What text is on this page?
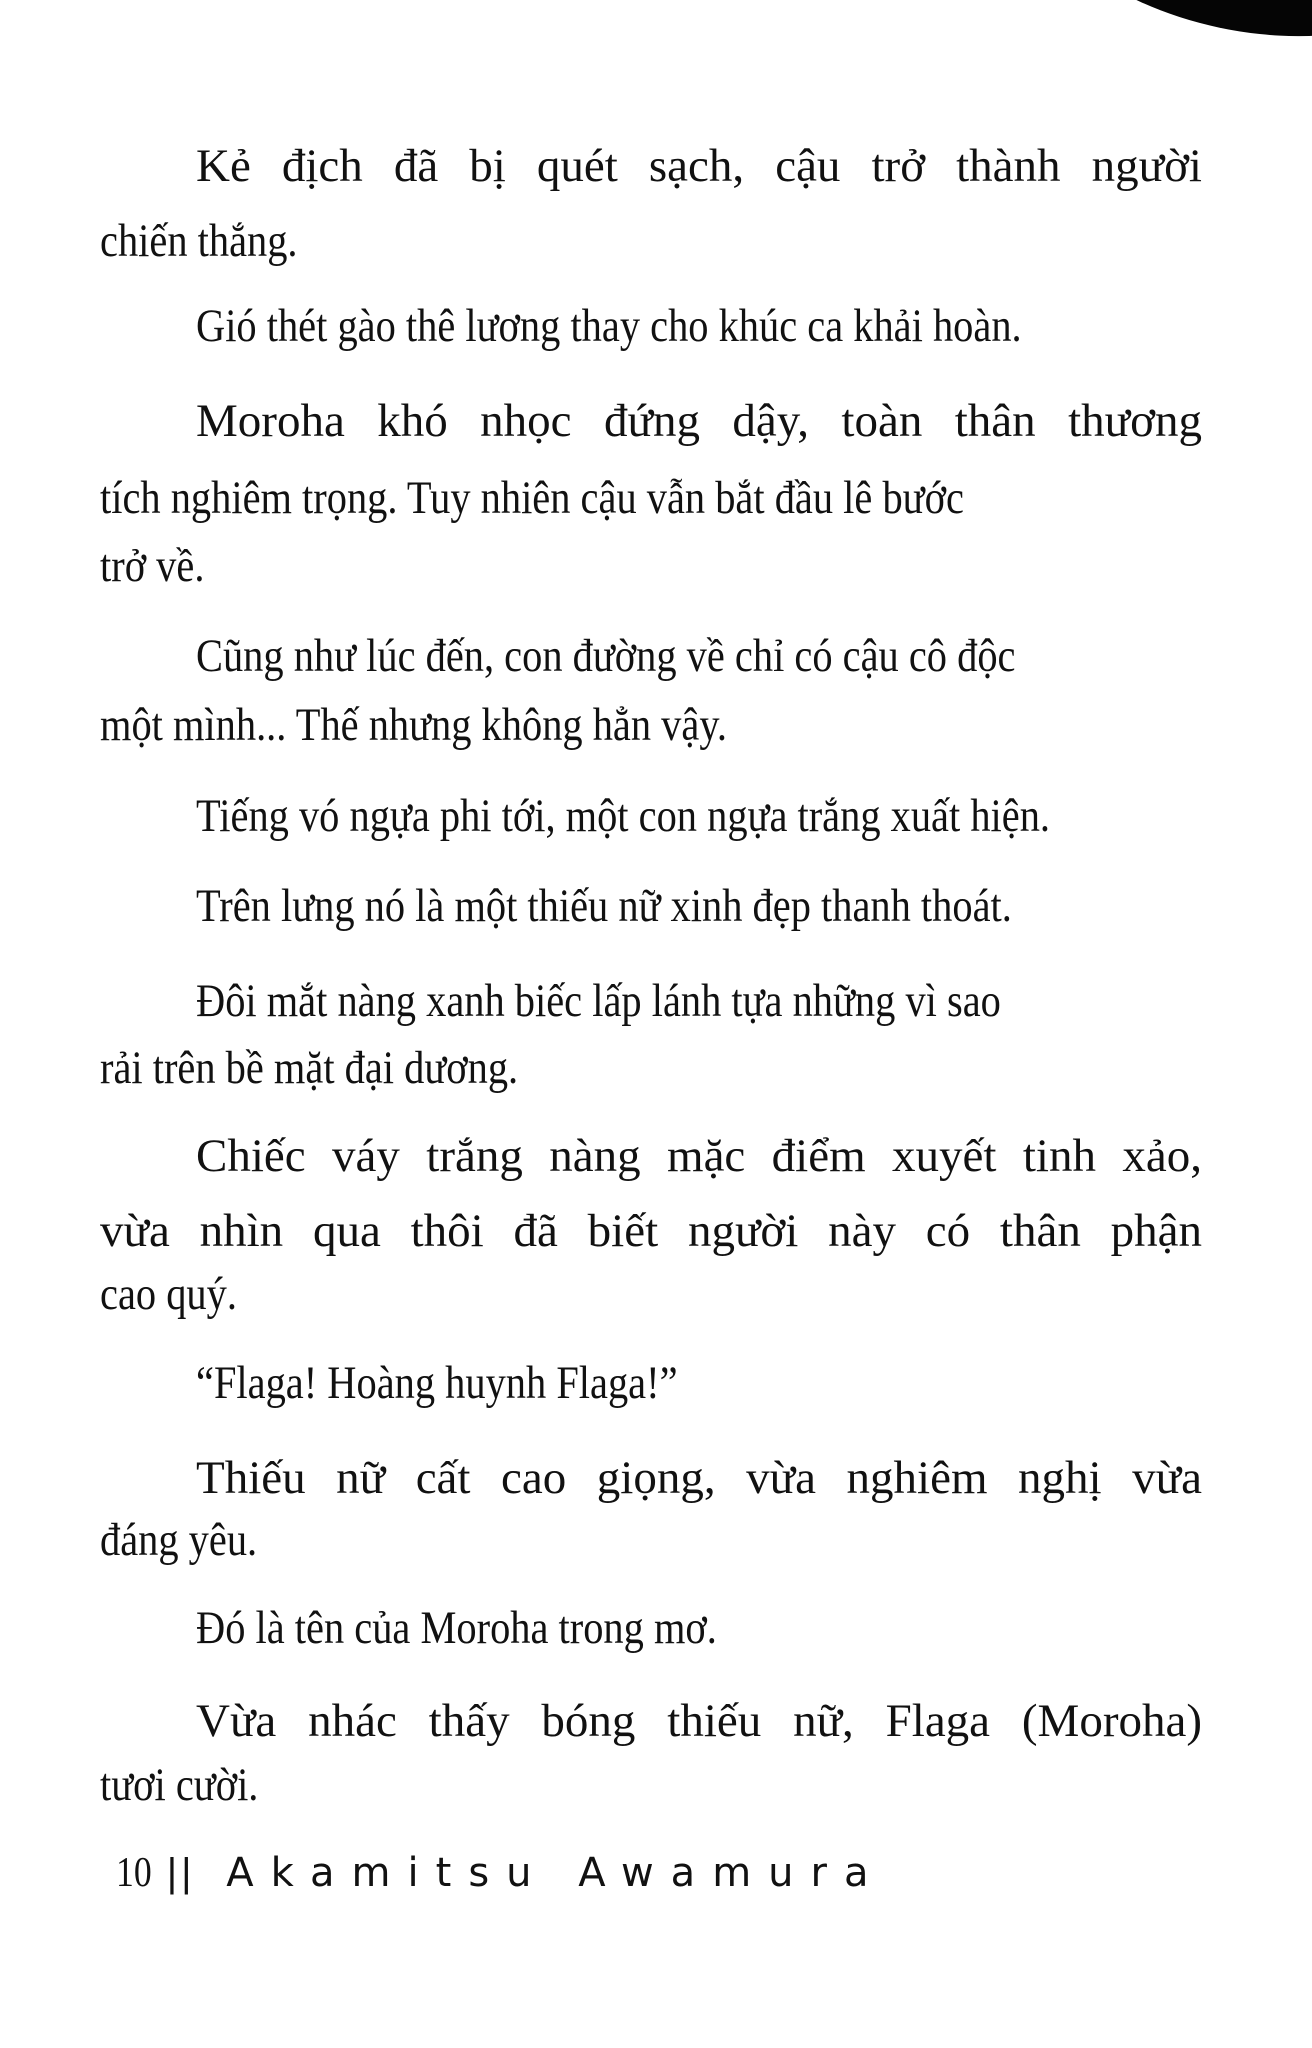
Kẻ địch đã bị quét sạch, cậu trở thành người
chiến thắng.
Gió thét gào thê lương thay cho khúc ca khải hoàn.
Moroha khó nhọc đứng dậy, toàn thân thương
tích nghiêm trọng. Tuy nhiên cậu vẫn bắt đầu lê bước
trở về.
Cũng như lúc đến, con đường về chỉ có cậu cô độc
một mình... Thế nhưng không hẳn vậy.
Tiếng vó ngựa phi tới, một con ngựa trắng xuất hiện.
Trên lưng nó là một thiếu nữ xinh đẹp thanh thoát.
Đôi mắt nàng xanh biếc lấp lánh tựa những vì sao
rải trên bề mặt đại dương.
Chiếc váy trắng nàng mặc điểm xuyết tinh xảo,
vừa nhìn qua thôi đã biết người này có thân phận
cao quý.
“Flaga! Hoàng huynh Flaga!”
Thiếu nữ cất cao giọng, vừa nghiêm nghị vừa
đáng yêu.
Đó là tên của Moroha trong mơ.
Vừa nhác thấy bóng thiếu nữ, Flaga (Moroha)
tươi cười.
10 || Akamitsu Awamura
